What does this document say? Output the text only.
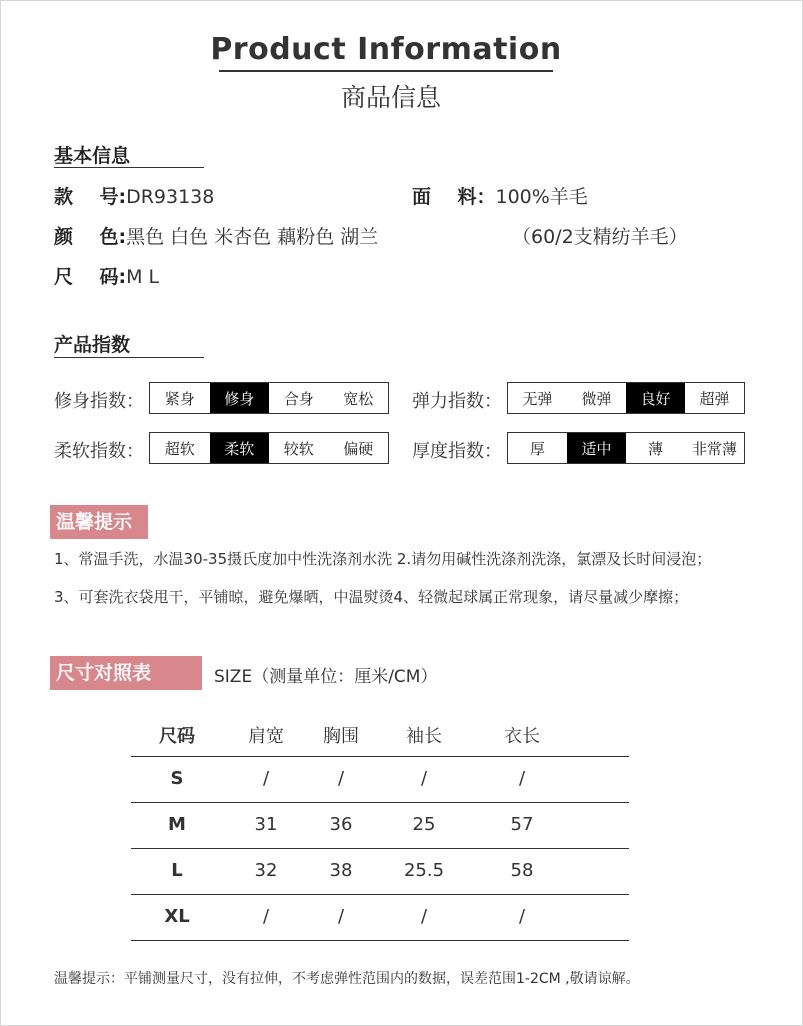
Product Information
商品信息
基本信息
款    号:DR93138	面    料：100%羊毛
颜    色:黑色 白色 米杏色 藕粉色 湖兰	（60/2支精纺羊毛）
尺    码:M L
产品指数
修身指数：	紧身	修身	合身	宽松	弹力指数：	无弹	微弹	良好	超弹
柔软指数：	超软	柔软	较软	偏硬	厚度指数：	厚	适中	薄	非常薄
温馨提示
1、常温手洗，水温30-35摄氏度加中性洗涤剂水洗 2.请勿用碱性洗涤剂洗涤，氯漂及长时间浸泡；
3、可套洗衣袋甩干，平铺晾，避免爆晒，中温熨烫4、轻微起球属正常现象，请尽量减少摩擦；
尺寸对照表	SIZE（测量单位：厘米/CM）
尺码	肩宽	胸围	袖长	衣长
S	/	/	/	/
M	31	36	25	57
L	32	38	25.5	58
XL	/	/	/	/
温馨提示：平铺测量尺寸，没有拉伸，不考虑弹性范围内的数据，误差范围1-2CM ,敬请谅解。
